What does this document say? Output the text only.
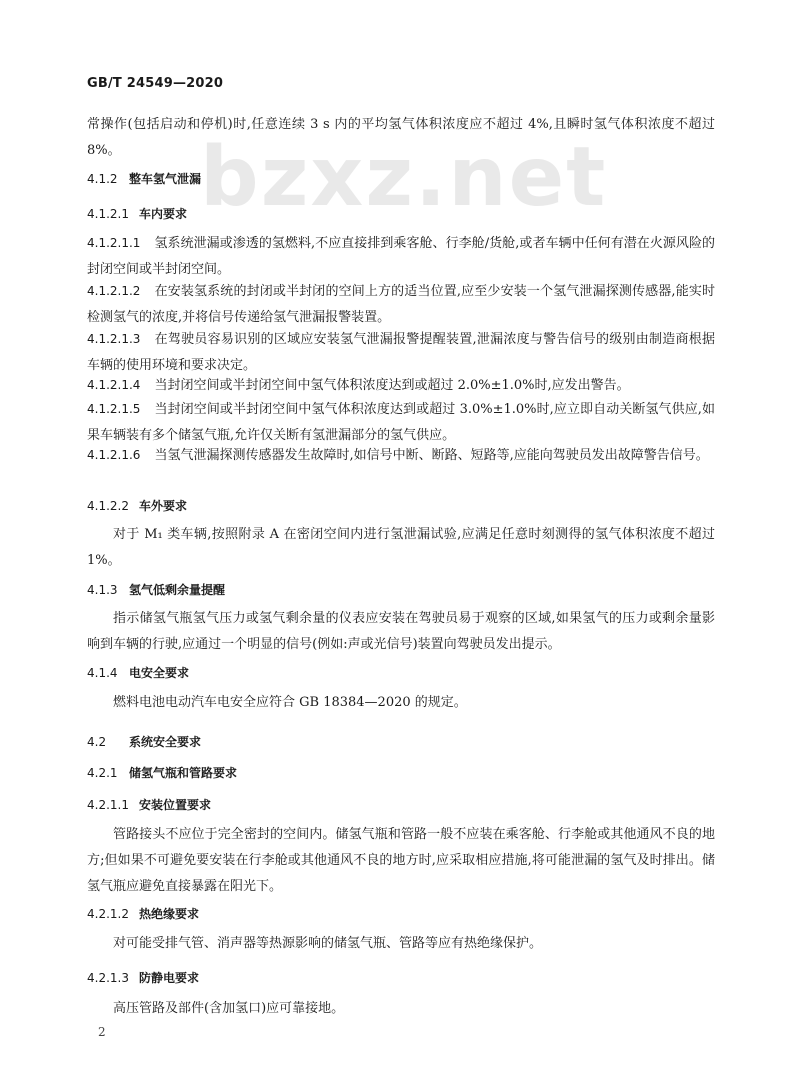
GB/T 24549—2020
bzxz.net
常操作(包括启动和停机)时,任意连续 3 s 内的平均氢气体积浓度应不超过 4%,且瞬时氢气体积浓度不超过 8%。
4.1.2 整车氢气泄漏
4.1.2.1 车内要求
4.1.2.1.1 氢系统泄漏或渗透的氢燃料,不应直接排到乘客舱、行李舱/货舱,或者车辆中任何有潜在火源风险的封闭空间或半封闭空间。
4.1.2.1.2 在安装氢系统的封闭或半封闭的空间上方的适当位置,应至少安装一个氢气泄漏探测传感器,能实时检测氢气的浓度,并将信号传递给氢气泄漏报警装置。
4.1.2.1.3 在驾驶员容易识别的区域应安装氢气泄漏报警提醒装置,泄漏浓度与警告信号的级别由制造商根据车辆的使用环境和要求决定。
4.1.2.1.4 当封闭空间或半封闭空间中氢气体积浓度达到或超过 2.0%±1.0%时,应发出警告。
4.1.2.1.5 当封闭空间或半封闭空间中氢气体积浓度达到或超过 3.0%±1.0%时,应立即自动关断氢气供应,如果车辆装有多个储氢气瓶,允许仅关断有氢泄漏部分的氢气供应。
4.1.2.1.6 当氢气泄漏探测传感器发生故障时,如信号中断、断路、短路等,应能向驾驶员发出故障警告信号。
4.1.2.2 车外要求
对于 M₁ 类车辆,按照附录 A 在密闭空间内进行氢泄漏试验,应满足任意时刻测得的氢气体积浓度不超过 1%。
4.1.3 氢气低剩余量提醒
指示储氢气瓶氢气压力或氢气剩余量的仪表应安装在驾驶员易于观察的区域,如果氢气的压力或剩余量影响到车辆的行驶,应通过一个明显的信号(例如:声或光信号)装置向驾驶员发出提示。
4.1.4 电安全要求
燃料电池电动汽车电安全应符合 GB 18384—2020 的规定。
4.2 系统安全要求
4.2.1 储氢气瓶和管路要求
4.2.1.1 安装位置要求
管路接头不应位于完全密封的空间内。储氢气瓶和管路一般不应装在乘客舱、行李舱或其他通风不良的地方;但如果不可避免要安装在行李舱或其他通风不良的地方时,应采取相应措施,将可能泄漏的氢气及时排出。储氢气瓶应避免直接暴露在阳光下。
4.2.1.2 热绝缘要求
对可能受排气管、消声器等热源影响的储氢气瓶、管路等应有热绝缘保护。
4.2.1.3 防静电要求
高压管路及部件(含加氢口)应可靠接地。
2
